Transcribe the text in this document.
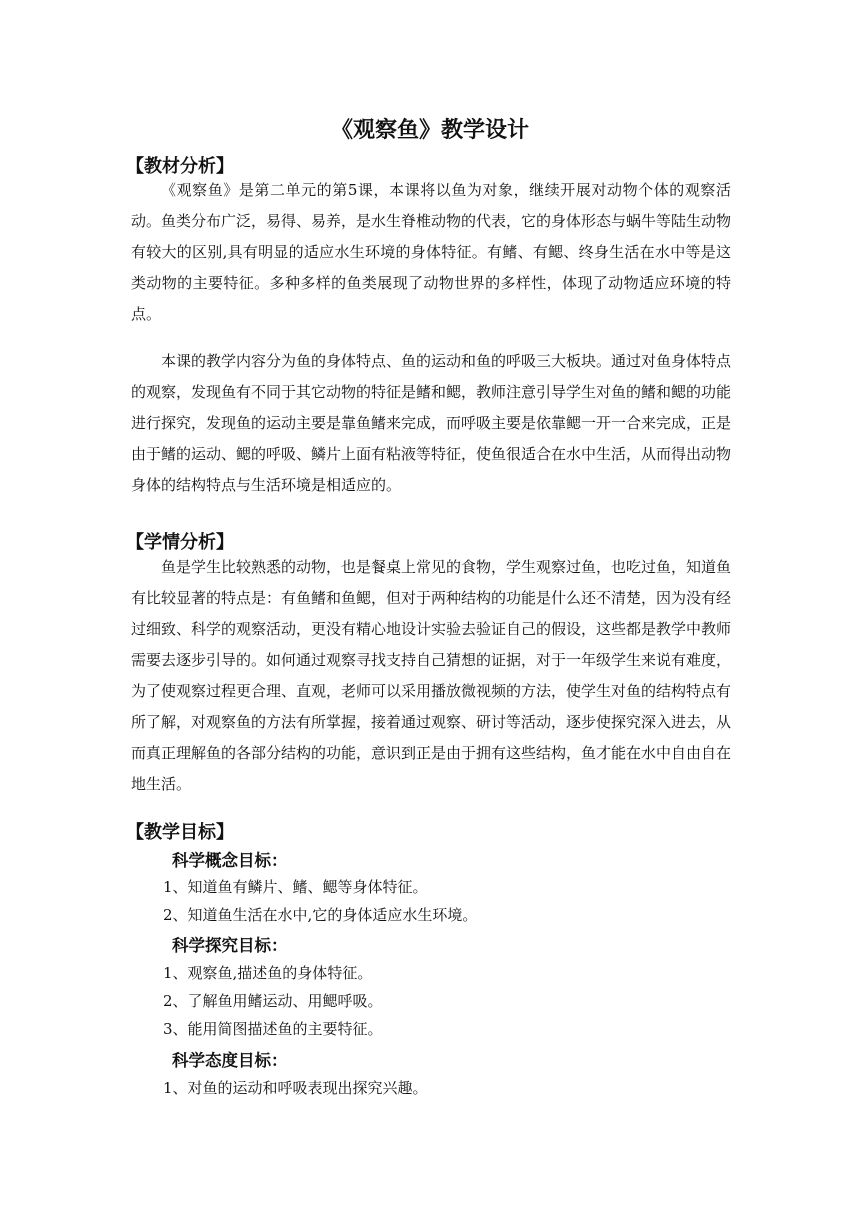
《观察鱼》教学设计
【教材分析】

《观察鱼》是第二单元的第5课，本课将以鱼为对象，继续开展对动物个体的观察活动。鱼类分布广泛，易得、易养，是水生脊椎动物的代表，它的身体形态与蜗牛等陆生动物有较大的区别,具有明显的适应水生环境的身体特征。有鳍、有鳃、终身生活在水中等是这类动物的主要特征。多种多样的鱼类展现了动物世界的多样性，体现了动物适应环境的特点。

本课的教学内容分为鱼的身体特点、鱼的运动和鱼的呼吸三大板块。通过对鱼身体特点的观察，发现鱼有不同于其它动物的特征是鳍和鳃，教师注意引导学生对鱼的鳍和鳃的功能进行探究，发现鱼的运动主要是靠鱼鳍来完成，而呼吸主要是依靠鳃一开一合来完成，正是由于鳍的运动、鳃的呼吸、鳞片上面有粘液等特征，使鱼很适合在水中生活，从而得出动物身体的结构特点与生活环境是相适应的。

【学情分析】

鱼是学生比较熟悉的动物，也是餐桌上常见的食物，学生观察过鱼，也吃过鱼，知道鱼有比较显著的特点是：有鱼鳍和鱼鳃，但对于两种结构的功能是什么还不清楚，因为没有经过细致、科学的观察活动，更没有精心地设计实验去验证自己的假设，这些都是教学中教师需要去逐步引导的。如何通过观察寻找支持自己猜想的证据，对于一年级学生来说有难度，为了使观察过程更合理、直观，老师可以采用播放微视频的方法，使学生对鱼的结构特点有所了解，对观察鱼的方法有所掌握，接着通过观察、研讨等活动，逐步使探究深入进去，从而真正理解鱼的各部分结构的功能，意识到正是由于拥有这些结构，鱼才能在水中自由自在地生活。

【教学目标】
科学概念目标：
1、知道鱼有鳞片、鳍、鳃等身体特征。
2、知道鱼生活在水中,它的身体适应水生环境。
科学探究目标：
1、观察鱼,描述鱼的身体特征。
2、了解鱼用鳍运动、用鳃呼吸。
3、能用简图描述鱼的主要特征。
科学态度目标：
1、对鱼的运动和呼吸表现出探究兴趣。
